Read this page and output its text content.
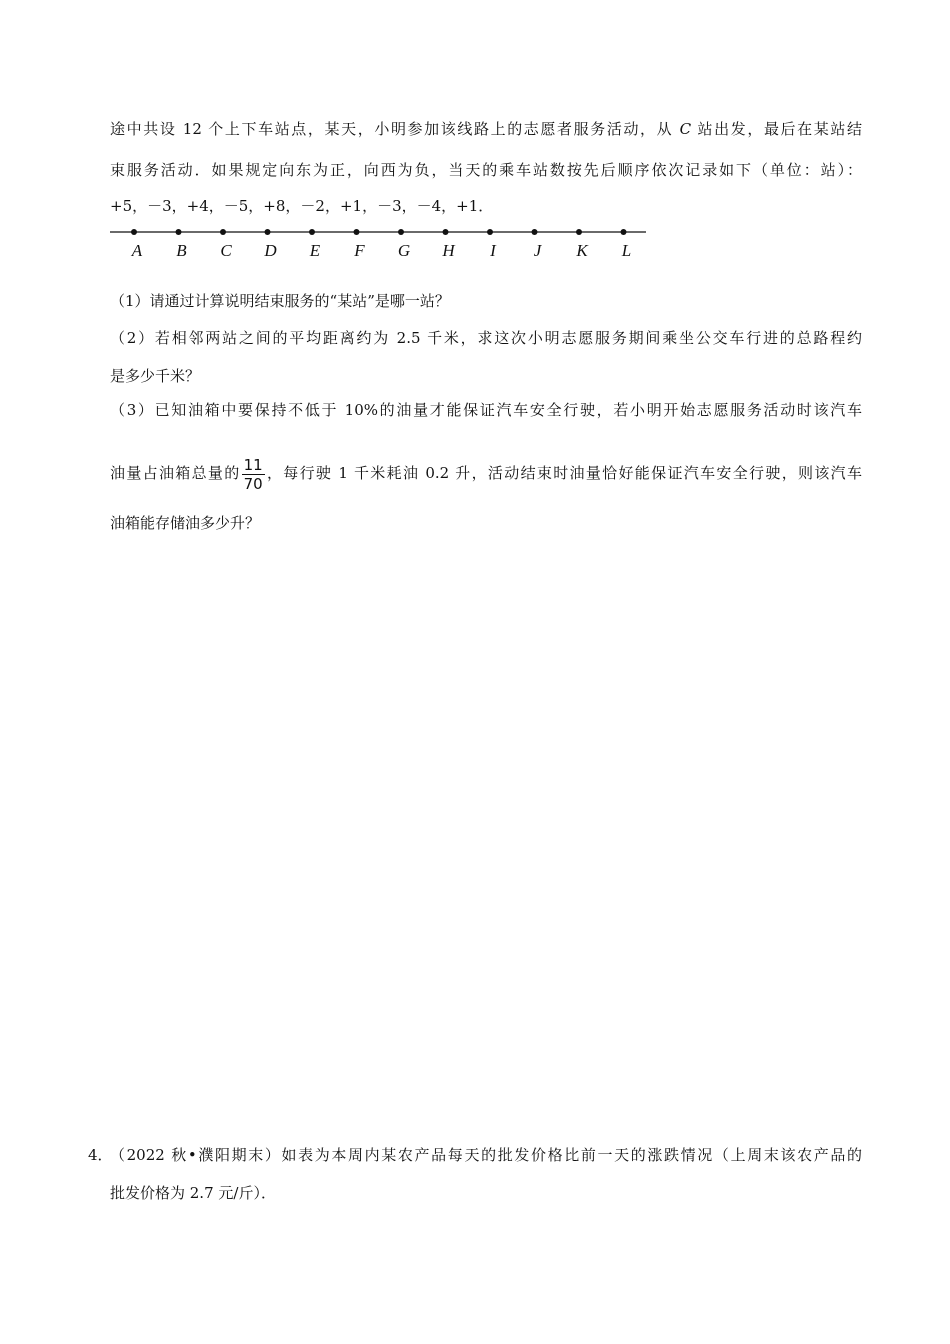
途中共设 12 个上下车站点，某天，小明参加该线路上的志愿者服务活动，从 C 站出发，最后在某站结
束服务活动．如果规定向东为正，向西为负，当天的乘车站数按先后顺序依次记录如下（单位：站）：
+5，－3，+4，－5，+8，－2，+1，－3，－4，+1．
A B C D E F G H I J K L
（1）请通过计算说明结束服务的“某站”是哪一站？
（2）若相邻两站之间的平均距离约为 2.5 千米，求这次小明志愿服务期间乘坐公交车行进的总路程约
是多少千米？
（3）已知油箱中要保持不低于 10%的油量才能保证汽车安全行驶，若小明开始志愿服务活动时该汽车
油量占油箱总量的 $\frac{11}{70}$ ，每行驶 1 千米耗油 0.2 升，活动结束时油量恰好能保证汽车安全行驶，则该汽车
油箱能存储油多少升？
4．
（2022 秋•濮阳期末）如表为本周内某农产品每天的批发价格比前一天的涨跌情况（上周末该农产品的
批发价格为 2.7 元/斤）．
